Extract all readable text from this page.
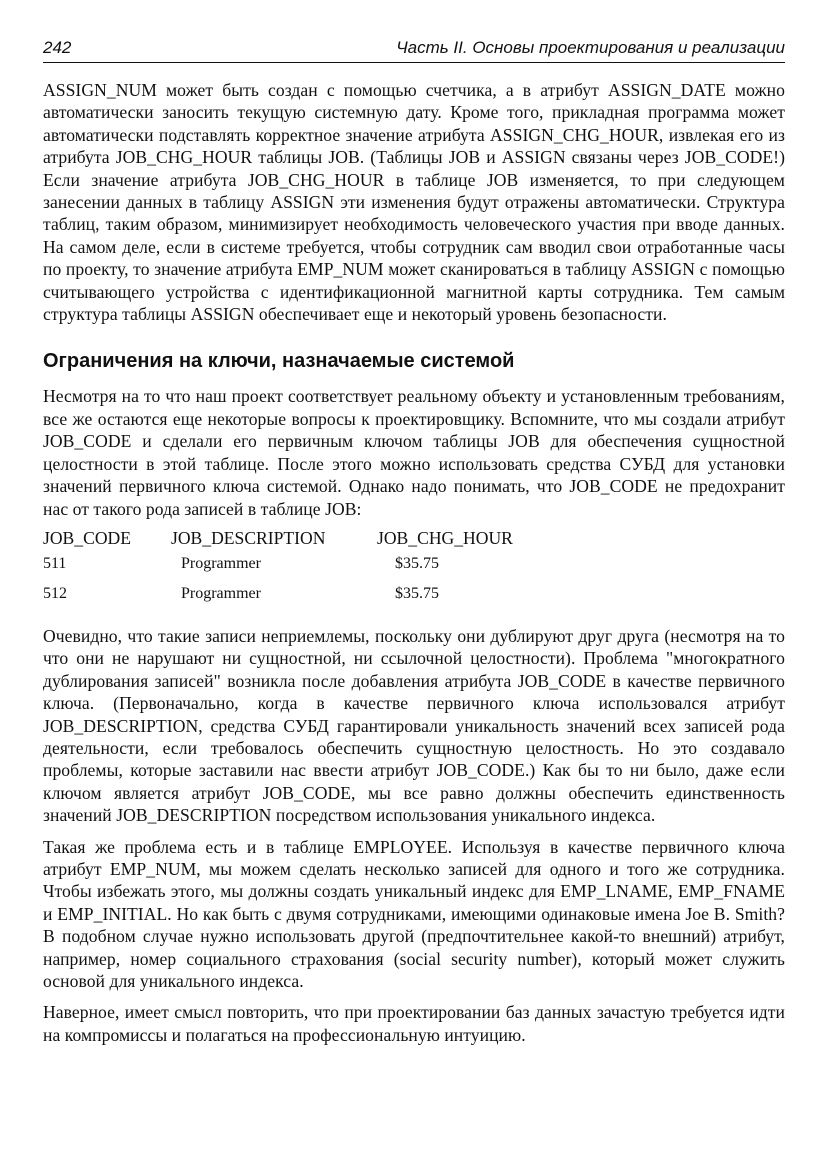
242	Часть II. Основы проектирования и реализации

ASSIGN_NUM может быть создан с помощью счетчика, а в атрибут ASSIGN_DATE можно автоматически заносить текущую системную дату. Кроме того, прикладная программа может автоматически подставлять корректное значение атрибута ASSIGN_CHG_HOUR, извлекая его из атрибута JOB_CHG_HOUR таблицы JOB. (Таблицы JOB и ASSIGN связаны через JOB_CODE!) Если значение атрибута JOB_CHG_HOUR в таблице JOB изменяется, то при следующем занесении данных в таблицу ASSIGN эти изменения будут отражены автоматически. Структура таблиц, таким образом, минимизирует необходимость человеческого участия при вводе данных. На самом деле, если в системе требуется, чтобы сотрудник сам вводил свои отработанные часы по проекту, то значение атрибута EMP_NUM может сканироваться в таблицу ASSIGN с помощью считывающего устройства с идентификационной магнитной карты сотрудника. Тем самым структура таблицы ASSIGN обеспечивает еще и некоторый уровень безопасности.

Ограничения на ключи, назначаемые системой

Несмотря на то что наш проект соответствует реальному объекту и установленным требованиям, все же остаются еще некоторые вопросы к проектировщику. Вспомните, что мы создали атрибут JOB_CODE и сделали его первичным ключом таблицы JOB для обеспечения сущностной целостности в этой таблице. После этого можно использовать средства СУБД для установки значений первичного ключа системой. Однако надо понимать, что JOB_CODE не предохранит нас от такого рода записей в таблице JOB:

JOB_CODE	JOB_DESCRIPTION	JOB_CHG_HOUR
511	Programmer	$35.75
512	Programmer	$35.75

Очевидно, что такие записи неприемлемы, поскольку они дублируют друг друга (несмотря на то что они не нарушают ни сущностной, ни ссылочной целостности). Проблема "многократного дублирования записей" возникла после добавления атрибута JOB_CODE в качестве первичного ключа. (Первоначально, когда в качестве первичного ключа использовался атрибут JOB_DESCRIPTION, средства СУБД гарантировали уникальность значений всех записей рода деятельности, если требовалось обеспечить сущностную целостность. Но это создавало проблемы, которые заставили нас ввести атрибут JOB_CODE.) Как бы то ни было, даже если ключом является атрибут JOB_CODE, мы все равно должны обеспечить единственность значений JOB_DESCRIPTION посредством использования уникального индекса.

Такая же проблема есть и в таблице EMPLOYEE. Используя в качестве первичного ключа атрибут EMP_NUM, мы можем сделать несколько записей для одного и того же сотрудника. Чтобы избежать этого, мы должны создать уникальный индекс для EMP_LNAME, EMP_FNAME и EMP_INITIAL. Но как быть с двумя сотрудниками, имеющими одинаковые имена Joe B. Smith? В подобном случае нужно использовать другой (предпочтительнее какой-то внешний) атрибут, например, номер социального страхования (social security number), который может служить основой для уникального индекса.

Наверное, имеет смысл повторить, что при проектировании баз данных зачастую требуется идти на компромиссы и полагаться на профессиональную интуицию.
